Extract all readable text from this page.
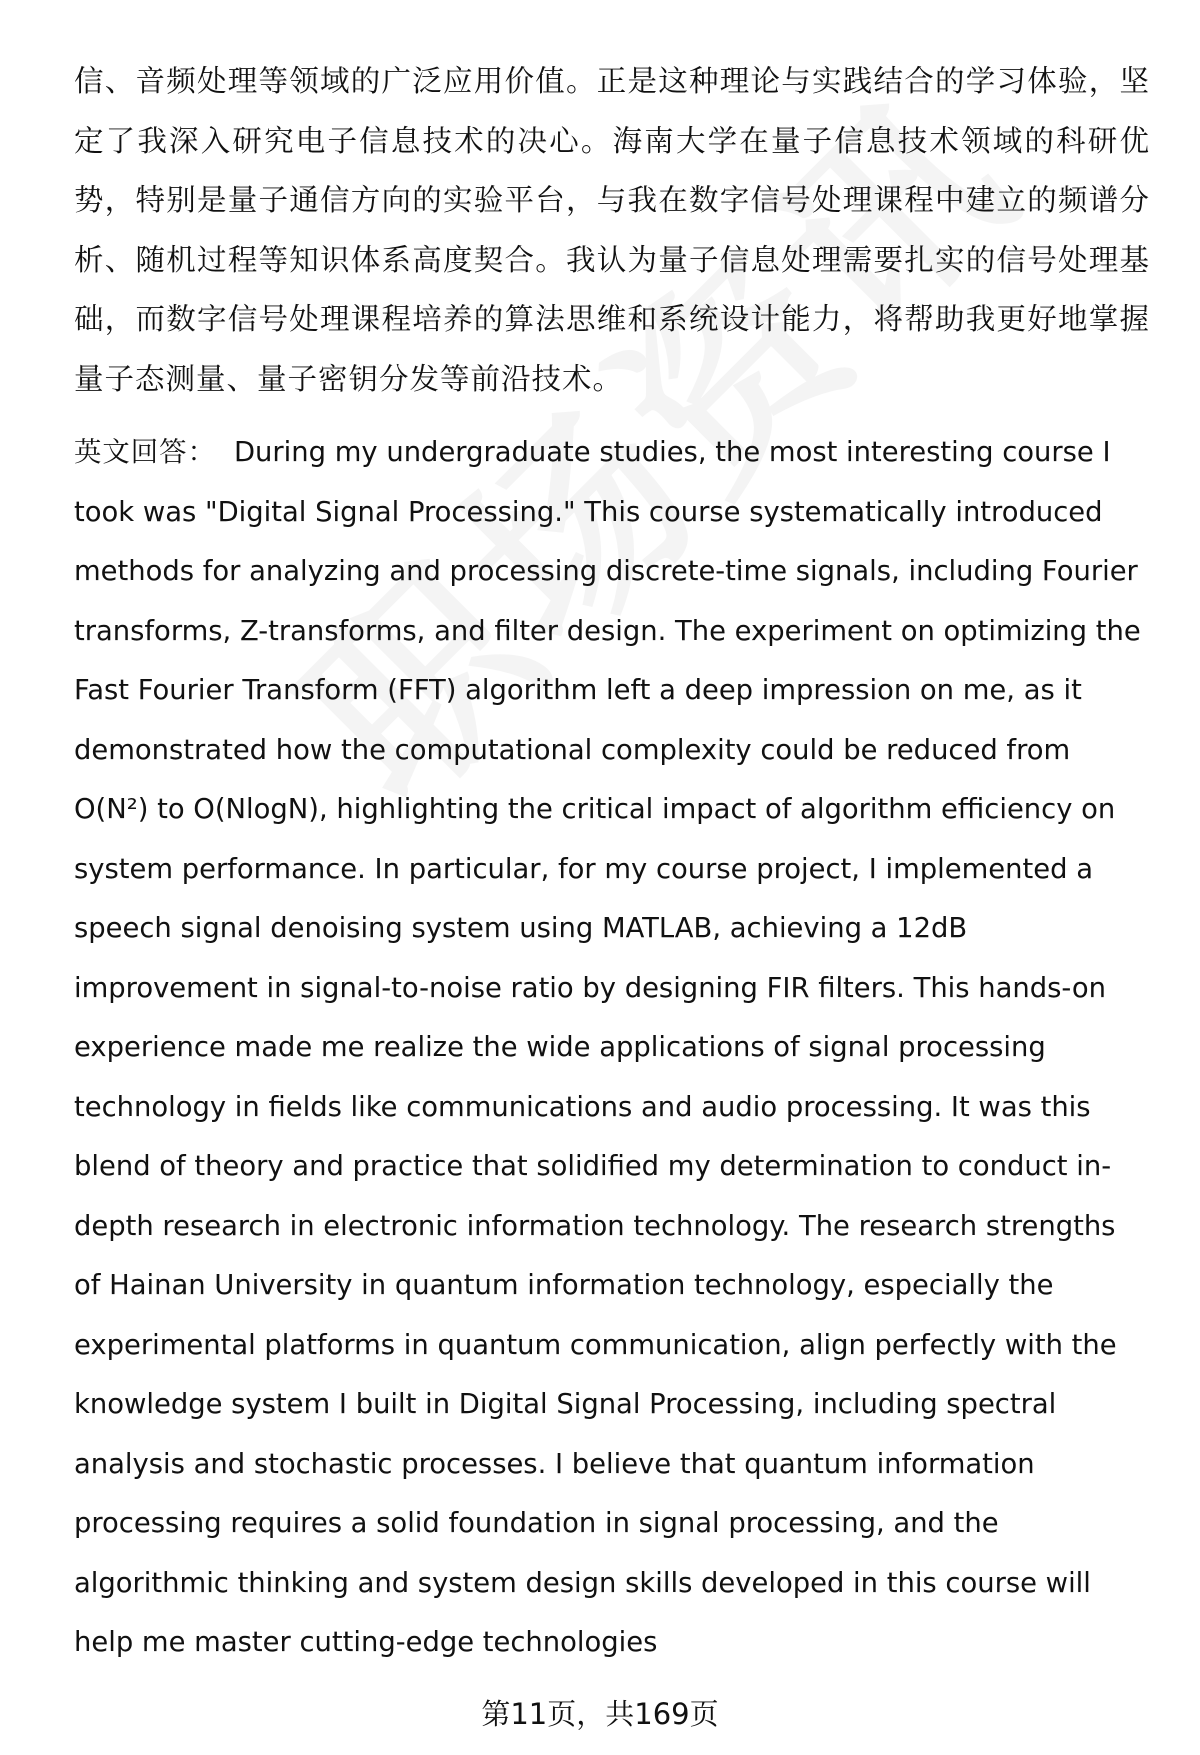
信、音频处理等领域的广泛应用价值。正是这种理论与实践结合的学习体验，坚定了我深入研究电子信息技术的决心。海南大学在量子信息技术领域的科研优势，特别是量子通信方向的实验平台，与我在数字信号处理课程中建立的频谱分析、随机过程等知识体系高度契合。我认为量子信息处理需要扎实的信号处理基础，而数字信号处理课程培养的算法思维和系统设计能力，将帮助我更好地掌握量子态测量、量子密钥分发等前沿技术。

英文回答： During my undergraduate studies, the most interesting course I took was "Digital Signal Processing." This course systematically introduced methods for analyzing and processing discrete-time signals, including Fourier transforms, Z-transforms, and filter design. The experiment on optimizing the Fast Fourier Transform (FFT) algorithm left a deep impression on me, as it demonstrated how the computational complexity could be reduced from O(N²) to O(NlogN), highlighting the critical impact of algorithm efficiency on system performance. In particular, for my course project, I implemented a speech signal denoising system using MATLAB, achieving a 12dB improvement in signal-to-noise ratio by designing FIR filters. This hands-on experience made me realize the wide applications of signal processing technology in fields like communications and audio processing. It was this blend of theory and practice that solidified my determination to conduct in-depth research in electronic information technology. The research strengths of Hainan University in quantum information technology, especially the experimental platforms in quantum communication, align perfectly with the knowledge system I built in Digital Signal Processing, including spectral analysis and stochastic processes. I believe that quantum information processing requires a solid foundation in signal processing, and the algorithmic thinking and system design skills developed in this course will help me master cutting-edge technologies

第11页，共169页
